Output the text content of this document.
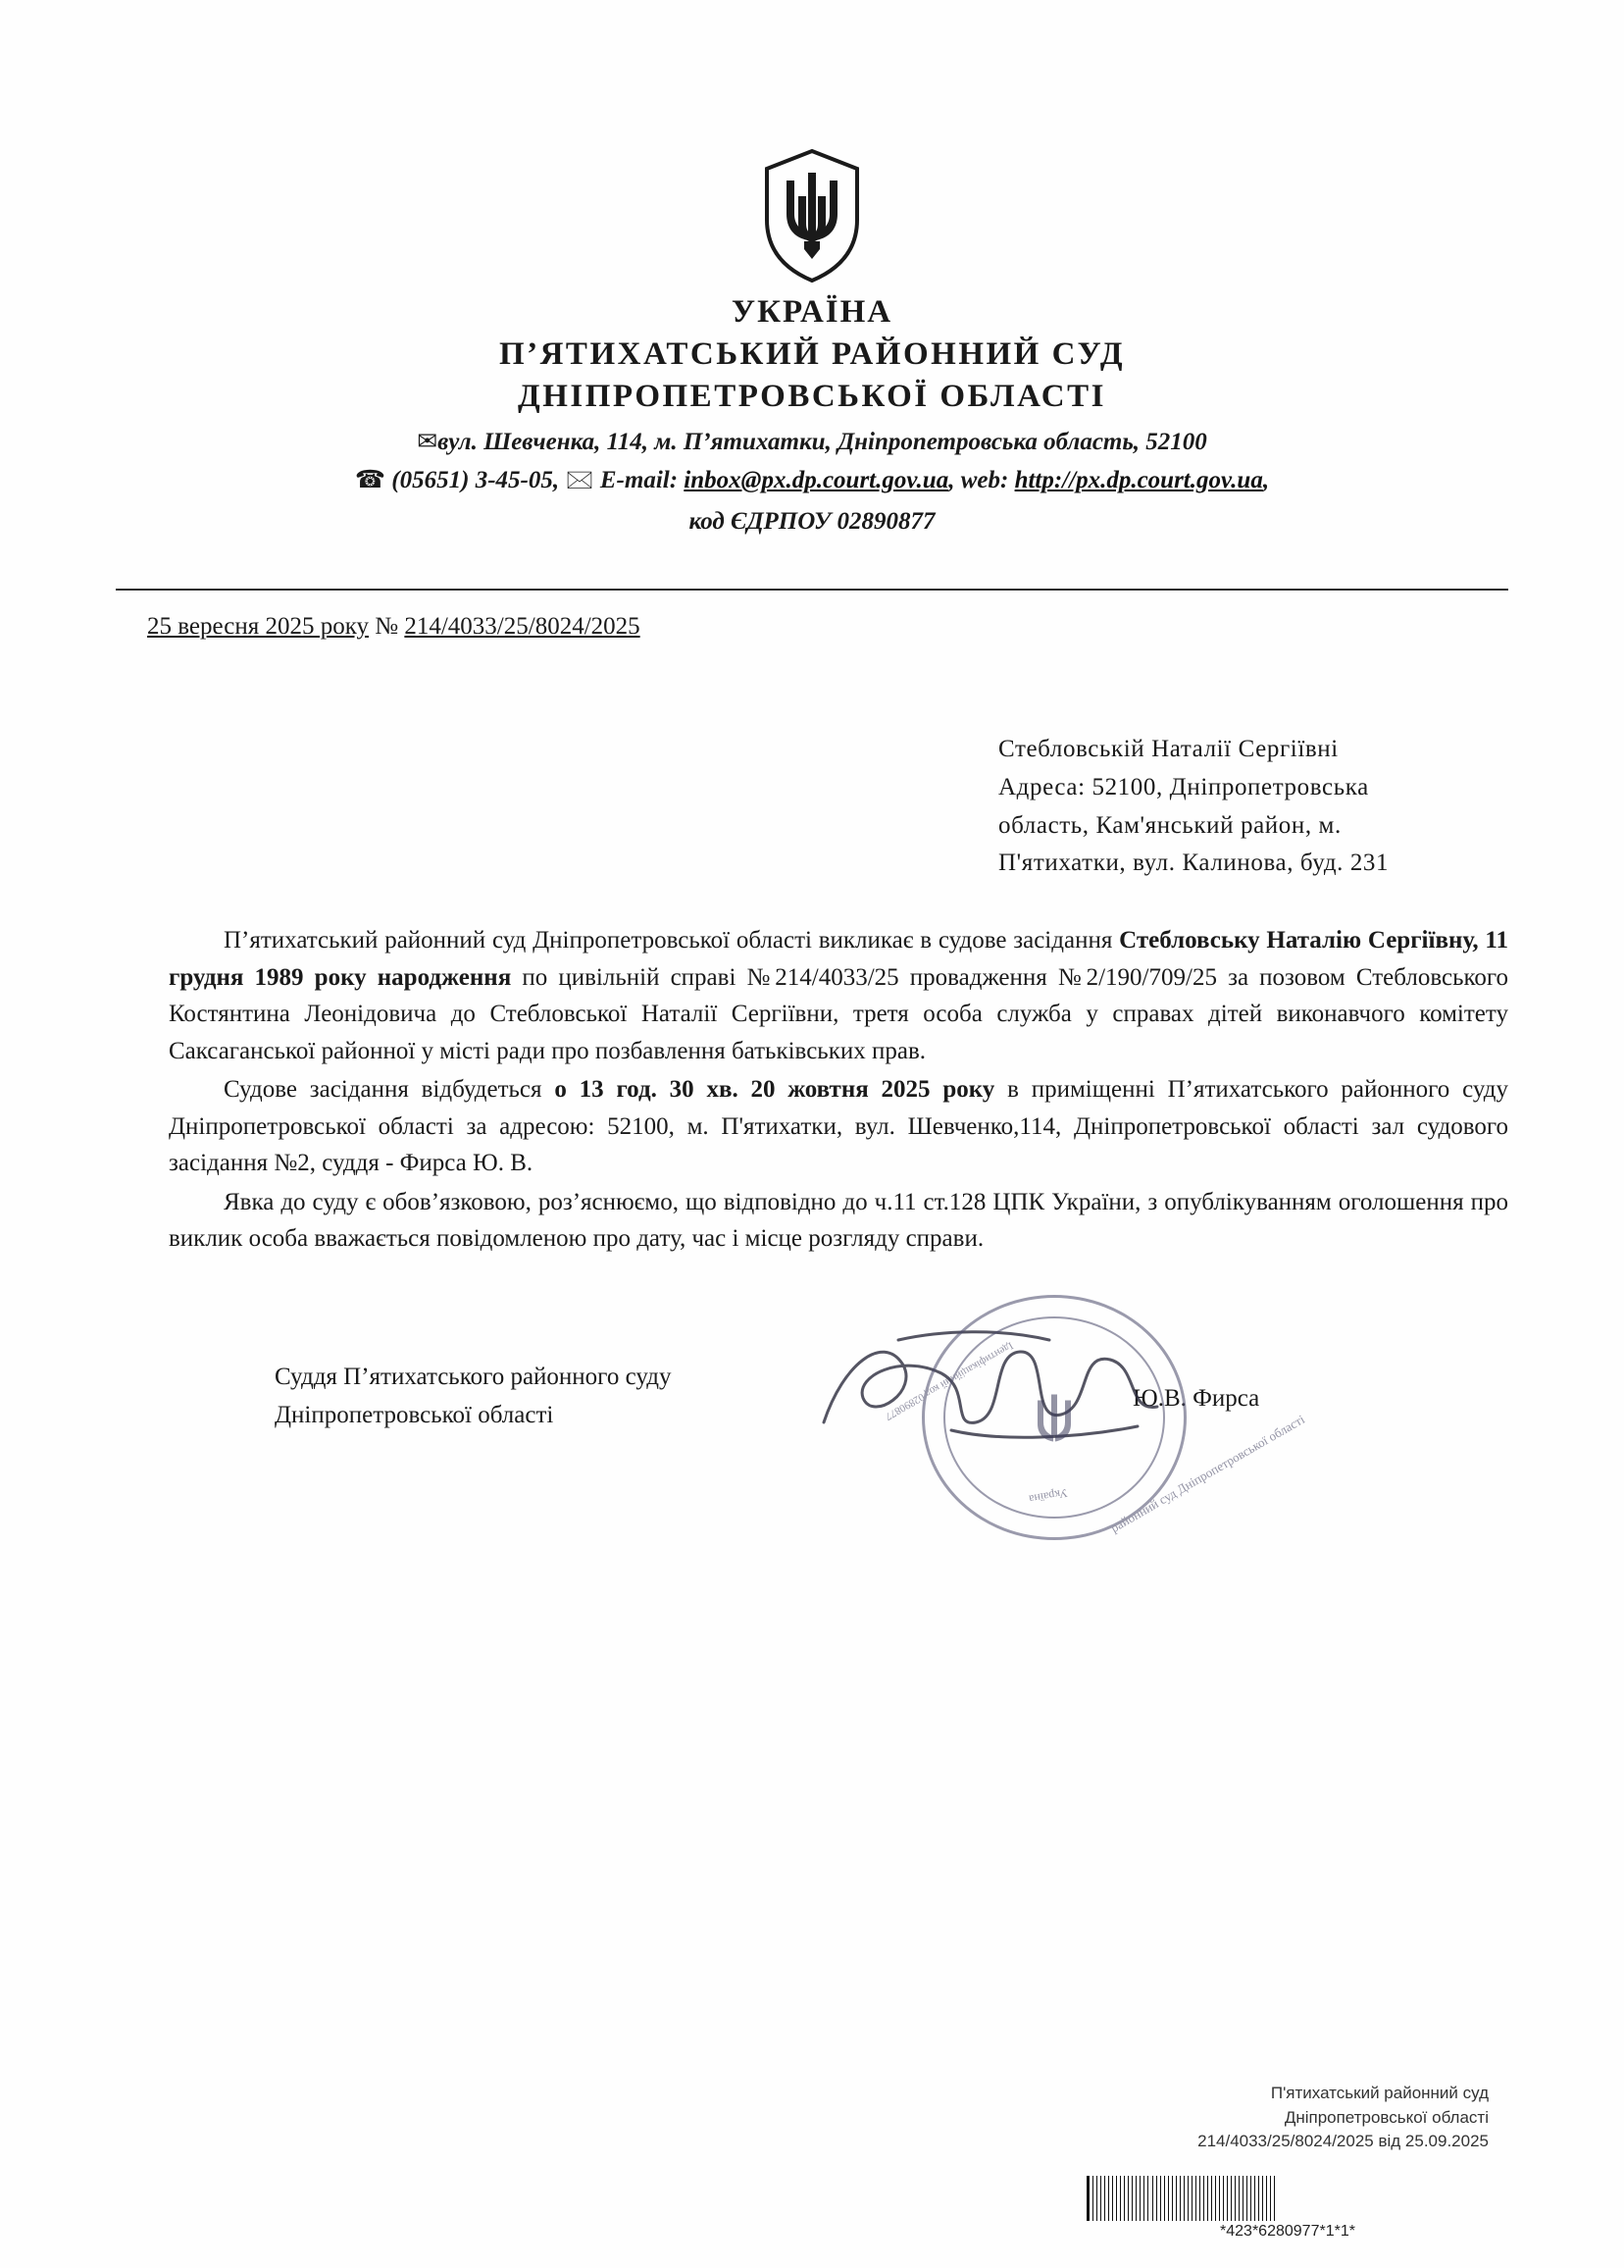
УКРАЇНА
П’ЯТИХАТСЬКИЙ РАЙОННИЙ СУД
ДНІПРОПЕТРОВСЬКОЇ ОБЛАСТІ
✉вул. Шевченка, 114, м. П’ятихатки, Дніпропетровська область, 52100
☎ (05651) 3-45-05, 🖂 E-mail: inbox@px.dp.court.gov.ua, web: http://px.dp.court.gov.ua,
код ЄДРПОУ 02890877
25 вересня 2025 року № 214/4033/25/8024/2025
Стебловській Наталії Сергіївні
Адреса: 52100, Дніпропетровська
область, Кам'янський район, м.
П'ятихатки, вул. Калинова, буд. 231

П’ятихатський районний суд Дніпропетровської області викликає в судове засідання Стебловську Наталію Сергіївну, 11 грудня 1989 року народження по цивільній справі №214/4033/25 провадження №2/190/709/25 за позовом Стебловського Костянтина Леонідовича до Стебловської Наталії Сергіївни, третя особа служба у справах дітей виконавчого комітету Саксаганської районної у місті ради про позбавлення батьківських прав.

Судове засідання відбудеться о 13 год. 30 хв. 20 жовтня 2025 року в приміщенні П’ятихатського районного суду Дніпропетровської області за адресою: 52100, м. П'ятихатки, вул. Шевченко,114, Дніпропетровської області зал судового засідання №2, суддя - Фирса Ю. В.

Явка до суду є обов’язковою, роз’яснюємо, що відповідно до ч.11 ст.128 ЦПК України, з опублікуванням оголошення про виклик особа вважається повідомленою про дату, час і місце розгляду справи.

Суддя П’ятихатського районного суду
Дніпропетровської області
Ю.В. Фирса
районний суд Дніпропетровської області
Ідентифікаційний код 02890877
Україна
П'ятихатський районний суд
Дніпропетровської області
214/4033/25/8024/2025 від 25.09.2025
*423*6280977*1*1*
